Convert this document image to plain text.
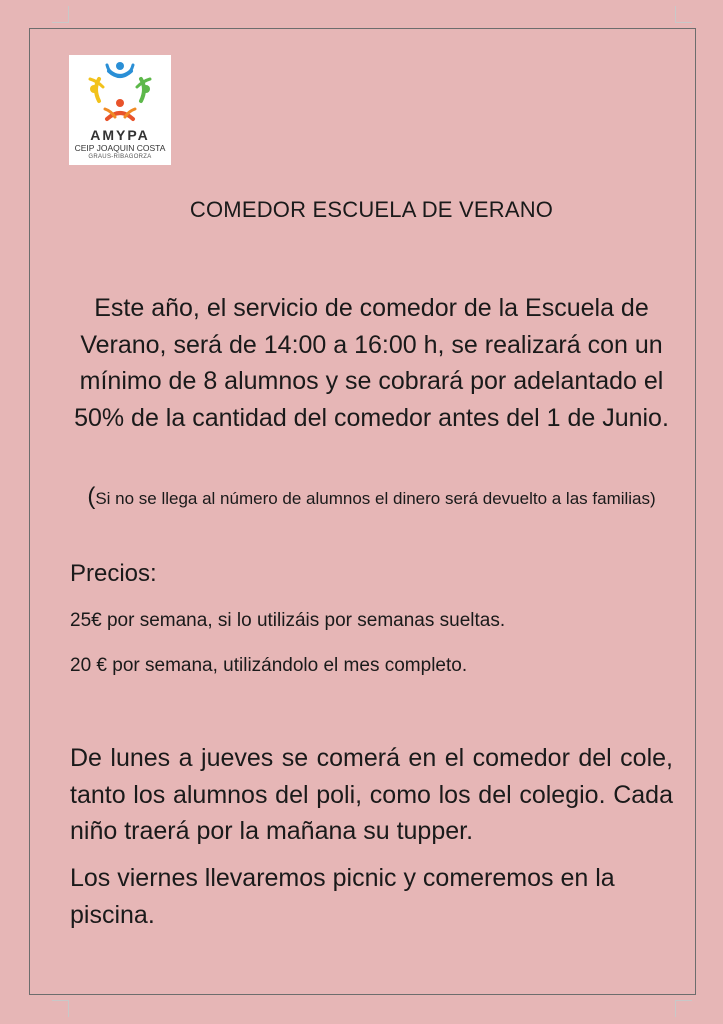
AMYPA
CEIP JOAQUIN COSTA
GRAUS-RIBAGORZA
COMEDOR ESCUELA DE VERANO
Este año, el servicio de comedor de la Escuela de Verano, será de 14:00 a 16:00 h, se realizará con un mínimo de 8 alumnos y se cobrará por adelantado el 50% de la cantidad del comedor antes del 1 de Junio.
(Si no se llega al número de alumnos el dinero será devuelto a las familias)
Precios:
25€ por semana, si lo utilizáis por semanas sueltas.
20 € por semana, utilizándolo el mes completo.
De lunes a jueves se comerá en el comedor del cole, tanto los alumnos del poli, como los del colegio. Cada niño traerá por la mañana su tupper.
Los viernes llevaremos picnic y comeremos en la piscina.
